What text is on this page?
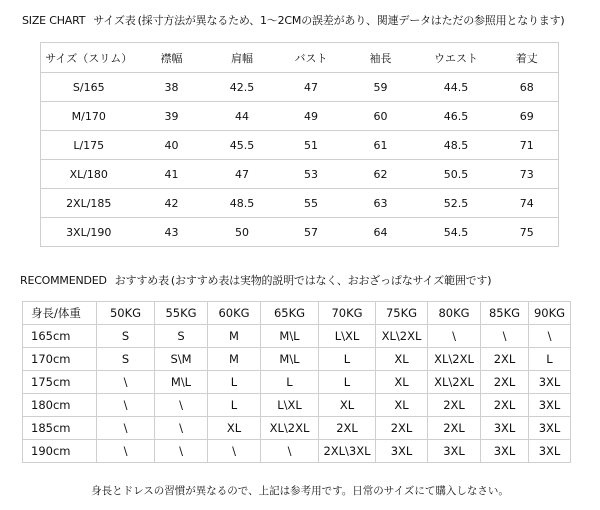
SIZE CHART サイズ表 (採寸方法が異なるため、1〜2CMの誤差があり、関連データはただの参照用となります)
サイズ（スリム）	襟幅	肩幅	バスト	袖長	ウエスト	着丈
S/165	38	42.5	47	59	44.5	68
M/170	39	44	49	60	46.5	69
L/175	40	45.5	51	61	48.5	71
XL/180	41	47	53	62	50.5	73
2XL/185	42	48.5	55	63	52.5	74
3XL/190	43	50	57	64	54.5	75
RECOMMENDED おすすめ表 (おすすめ表は実物的説明ではなく、おおざっぱなサイズ範囲です)
身長/体重	50KG	55KG	60KG	65KG	70KG	75KG	80KG	85KG	90KG
165cm	S	S	M	M\L	L\XL	XL\2XL	\	\	\
170cm	S	S\M	M	M\L	L	XL	XL\2XL	2XL	L
175cm	\	M\L	L	L	L	XL	XL\2XL	2XL	3XL
180cm	\	\	L	L\XL	XL	XL	2XL	2XL	3XL
185cm	\	\	XL	XL\2XL	2XL	2XL	2XL	3XL	3XL
190cm	\	\	\	\	2XL\3XL	3XL	3XL	3XL	3XL
身長とドレスの習慣が異なるので、上記は参考用です。日常のサイズにて購入しなさい。
